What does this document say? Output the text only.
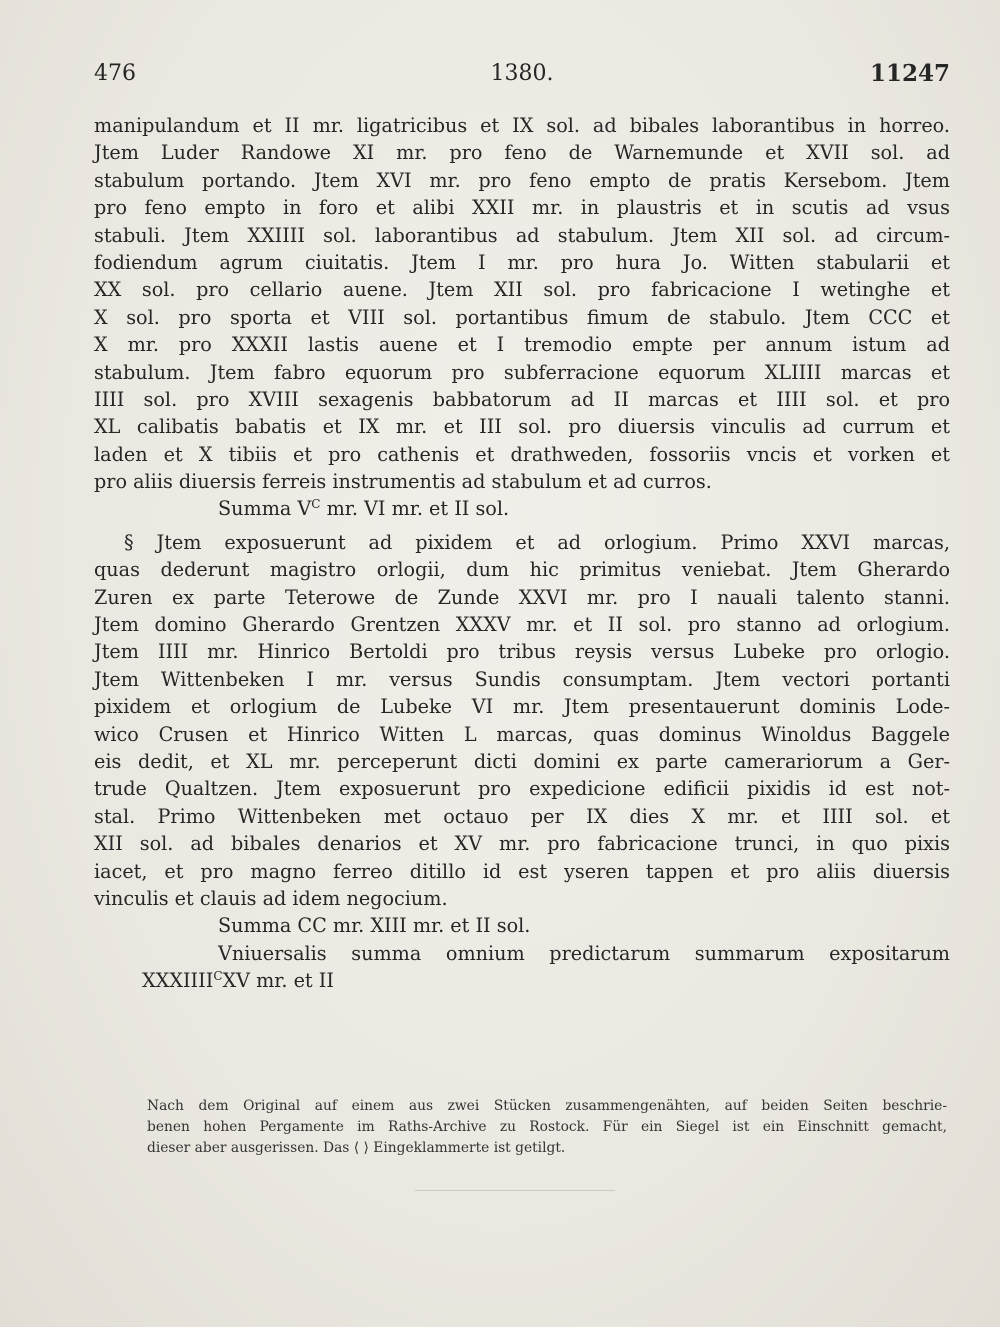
476	1380.	11247
manipulandum et II mr. ligatricibus et IX sol. ad bibales laborantibus in horreo.
Jtem Luder Randowe XI mr. pro feno de Warnemunde et XVII sol. ad
stabulum portando. Jtem XVI mr. pro feno empto de pratis Kersebom. Jtem
pro feno empto in foro et alibi XXII mr. in plaustris et in scutis ad vsus
stabuli. Jtem XXIIII sol. laborantibus ad stabulum. Jtem XII sol. ad circum-
fodiendum agrum ciuitatis. Jtem I mr. pro hura Jo. Witten stabularii et
XX sol. pro cellario auene. Jtem XII sol. pro fabricacione I wetinghe et
X sol. pro sporta et VIII sol. portantibus fimum de stabulo. Jtem CCC et
X mr. pro XXXII lastis auene et I tremodio empte per annum istum ad
stabulum. Jtem fabro equorum pro subferracione equorum XLIIII marcas et
IIII sol. pro XVIII sexagenis babbatorum ad II marcas et IIII sol. et pro
XL calibatis babatis et IX mr. et III sol. pro diuersis vinculis ad currum et
laden et X tibiis et pro cathenis et drathweden, fossoriis vncis et vorken et
pro aliis diuersis ferreis instrumentis ad stabulum et ad curros.
Summa $V^C$ mr. VI mr. et II sol.
§ Jtem exposuerunt ad pixidem et ad orlogium. Primo XXVI marcas,
quas dederunt magistro orlogii, dum hic primitus veniebat. Jtem Gherardo
Zuren ex parte Teterowe de Zunde XXVI mr. pro I nauali talento stanni.
Jtem domino Gherardo Grentzen XXXV mr. et II sol. pro stanno ad orlogium.
Jtem IIII mr. Hinrico Bertoldi pro tribus reysis versus Lubeke pro orlogio.
Jtem Wittenbeken I mr. versus Sundis consumptam. Jtem vectori portanti
pixidem et orlogium de Lubeke VI mr. Jtem presentauerunt dominis Lode-
wico Crusen et Hinrico Witten L marcas, quas dominus Winoldus Baggele
eis dedit, et XL mr. perceperunt dicti domini ex parte camerariorum a Ger-
trude Qualtzen. Jtem exposuerunt pro expedicione edificii pixidis id est not-
stal. Primo Wittenbeken met octauo per IX dies X mr. et IIII sol. et
XII sol. ad bibales denarios et XV mr. pro fabricacione trunci, in quo pixis
iacet, et pro magno ferreo ditillo id est yseren tappen et pro aliis diuersis
vinculis et clauis ad idem negocium.
Summa CC mr. XIII mr. et II sol.
Vniuersalis summa omnium predictarum summarum expositarum
$XXXIIII^CXV$ mr. et II
Nach dem Original auf einem aus zwei Stücken zusammengenähten, auf beiden Seiten beschrie-
benen hohen Pergamente im Raths-Archive zu Rostock. Für ein Siegel ist ein Einschnitt gemacht,
dieser aber ausgerissen. Das ⟨ ⟩ Eingeklammerte ist getilgt.
